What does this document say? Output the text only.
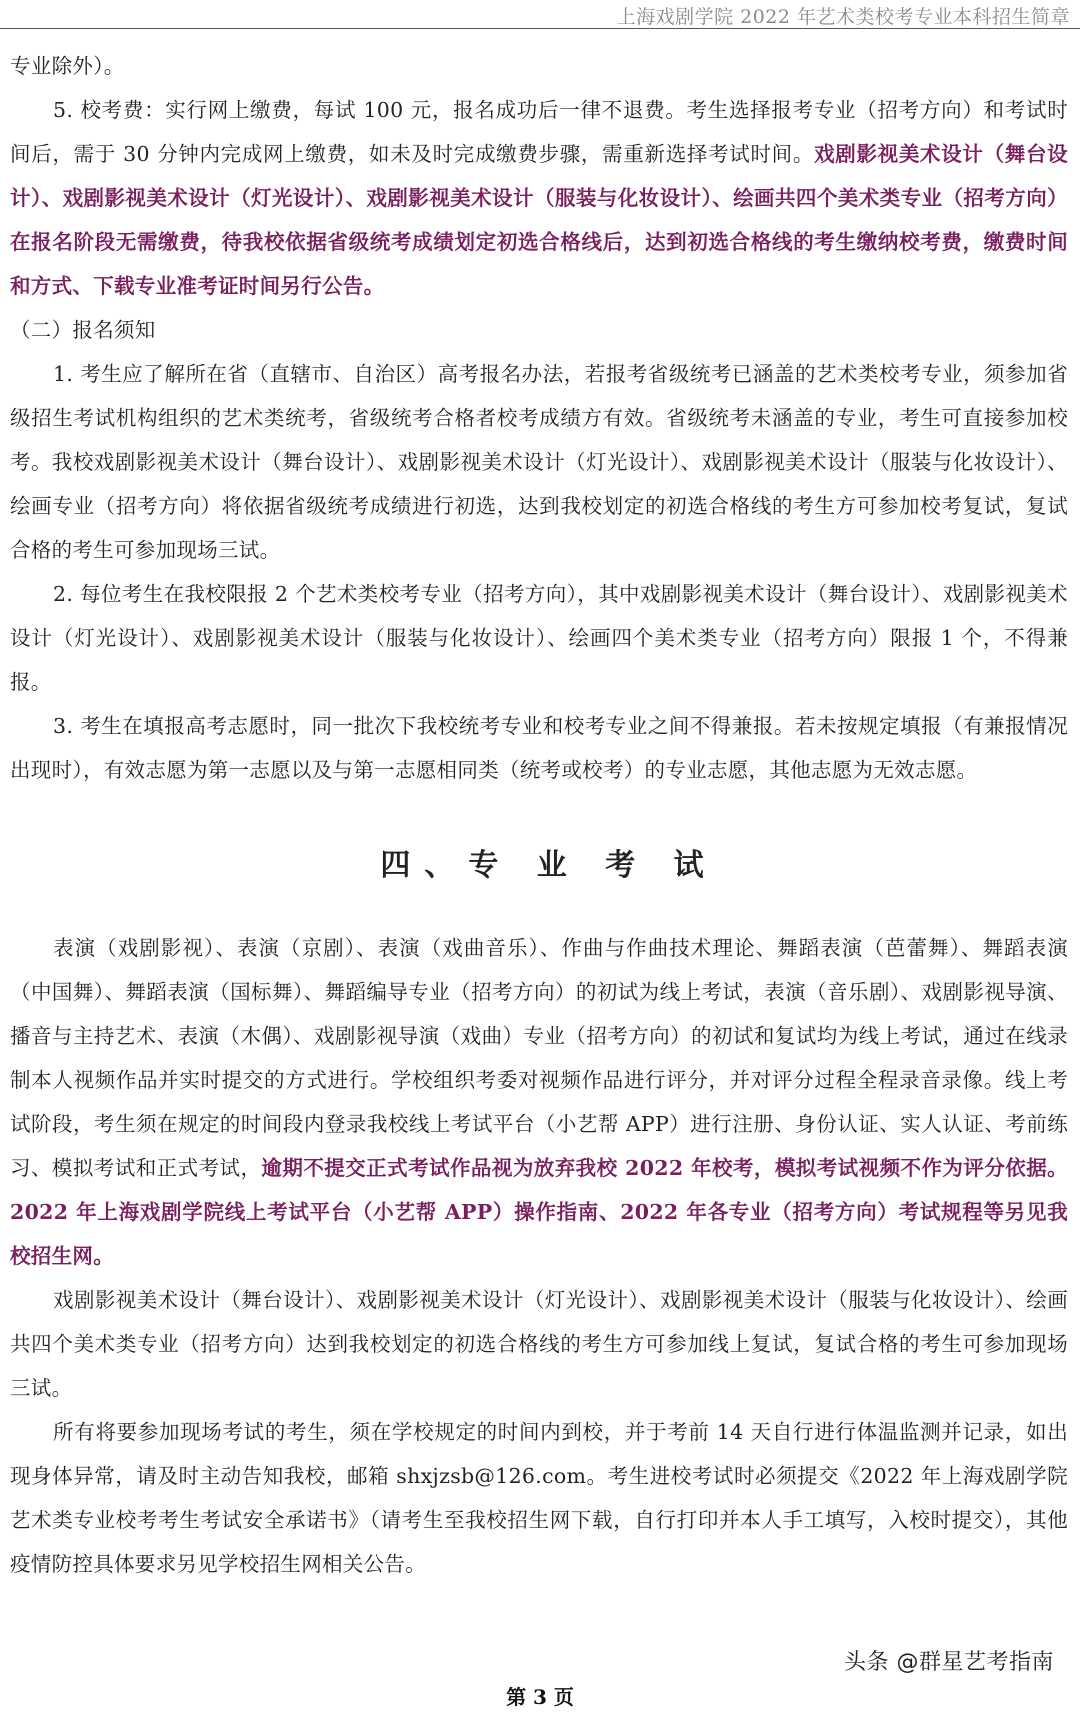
上海戏剧学院 2022 年艺术类校考专业本科招生简章

专业除外）。

5. 校考费：实行网上缴费，每试 100 元，报名成功后一律不退费。考生选择报考专业（招考方向）和考试时间后，需于 30 分钟内完成网上缴费，如未及时完成缴费步骤，需重新选择考试时间。戏剧影视美术设计（舞台设计）、戏剧影视美术设计（灯光设计）、戏剧影视美术设计（服装与化妆设计）、绘画共四个美术类专业（招考方向）在报名阶段无需缴费，待我校依据省级统考成绩划定初选合格线后，达到初选合格线的考生缴纳校考费，缴费时间和方式、下载专业准考证时间另行公告。

（二）报名须知

1. 考生应了解所在省（直辖市、自治区）高考报名办法，若报考省级统考已涵盖的艺术类校考专业，须参加省级招生考试机构组织的艺术类统考，省级统考合格者校考成绩方有效。省级统考未涵盖的专业，考生可直接参加校考。我校戏剧影视美术设计（舞台设计）、戏剧影视美术设计（灯光设计）、戏剧影视美术设计（服装与化妆设计）、绘画专业（招考方向）将依据省级统考成绩进行初选，达到我校划定的初选合格线的考生方可参加校考复试，复试合格的考生可参加现场三试。

2. 每位考生在我校限报 2 个艺术类校考专业（招考方向），其中戏剧影视美术设计（舞台设计）、戏剧影视美术设计（灯光设计）、戏剧影视美术设计（服装与化妆设计）、绘画四个美术类专业（招考方向）限报 1 个，不得兼报。

3. 考生在填报高考志愿时，同一批次下我校统考专业和校考专业之间不得兼报。若未按规定填报（有兼报情况出现时），有效志愿为第一志愿以及与第一志愿相同类（统考或校考）的专业志愿，其他志愿为无效志愿。

四、专 业 考 试

表演（戏剧影视）、表演（京剧）、表演（戏曲音乐）、作曲与作曲技术理论、舞蹈表演（芭蕾舞）、舞蹈表演（中国舞）、舞蹈表演（国标舞）、舞蹈编导专业（招考方向）的初试为线上考试，表演（音乐剧）、戏剧影视导演、播音与主持艺术、表演（木偶）、戏剧影视导演（戏曲）专业（招考方向）的初试和复试均为线上考试，通过在线录制本人视频作品并实时提交的方式进行。学校组织考委对视频作品进行评分，并对评分过程全程录音录像。线上考试阶段，考生须在规定的时间段内登录我校线上考试平台（小艺帮 APP）进行注册、身份认证、实人认证、考前练习、模拟考试和正式考试，逾期不提交正式考试作品视为放弃我校 2022 年校考，模拟考试视频不作为评分依据。2022 年上海戏剧学院线上考试平台（小艺帮 APP）操作指南、2022 年各专业（招考方向）考试规程等另见我校招生网。

戏剧影视美术设计（舞台设计）、戏剧影视美术设计（灯光设计）、戏剧影视美术设计（服装与化妆设计）、绘画共四个美术类专业（招考方向）达到我校划定的初选合格线的考生方可参加线上复试，复试合格的考生可参加现场三试。

所有将要参加现场考试的考生，须在学校规定的时间内到校，并于考前 14 天自行进行体温监测并记录，如出现身体异常，请及时主动告知我校，邮箱 shxjzsb@126.com。考生进校考试时必须提交《2022 年上海戏剧学院艺术类专业校考考生考试安全承诺书》（请考生至我校招生网下载，自行打印并本人手工填写，入校时提交），其他疫情防控具体要求另见学校招生网相关公告。

头条 @群星艺考指南
第 3 页
